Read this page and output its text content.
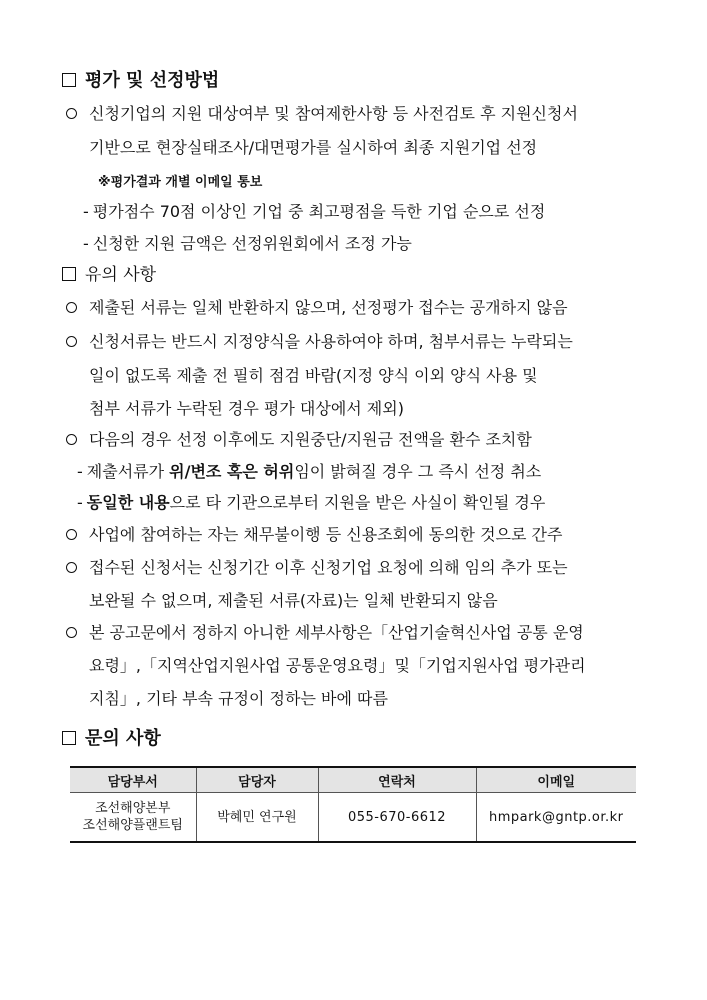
평가 및 선정방법
신청기업의 지원 대상여부 및 참여제한사항 등 사전검토 후 지원신청서
기반으로 현장실태조사/대면평가를 실시하여 최종 지원기업 선정
※평가결과 개별 이메일 통보
- 평가점수 70점 이상인 기업 중 최고평점을 득한 기업 순으로 선정
- 신청한 지원 금액은 선정위원회에서 조정 가능
유의 사항
제출된 서류는 일체 반환하지 않으며, 선정평가 접수는 공개하지 않음
신청서류는 반드시 지정양식을 사용하여야 하며, 첨부서류는 누락되는
일이 없도록 제출 전 필히 점검 바람(지정 양식 이외 양식 사용 및
첨부 서류가 누락된 경우 평가 대상에서 제외)
다음의 경우 선정 이후에도 지원중단/지원금 전액을 환수 조치함
- 제출서류가 위/변조 혹은 허위임이 밝혀질 경우 그 즉시 선정 취소
- 동일한 내용으로 타 기관으로부터 지원을 받은 사실이 확인될 경우
사업에 참여하는 자는 채무불이행 등 신용조회에 동의한 것으로 간주
접수된 신청서는 신청기간 이후 신청기업 요청에 의해 임의 추가 또는
보완될 수 없으며, 제출된 서류(자료)는 일체 반환되지 않음
본 공고문에서 정하지 아니한 세부사항은「산업기술혁신사업 공통 운영
요령」,「지역산업지원사업 공통운영요령」및「기업지원사업 평가관리
지침」, 기타 부속 규정이 정하는 바에 따름
문의 사항
담당부서	담당자	연락처	이메일

조선해양본부
조선해양플랜트팀	박혜민 연구원	055-670-6612	hmpark@gntp.or.kr
